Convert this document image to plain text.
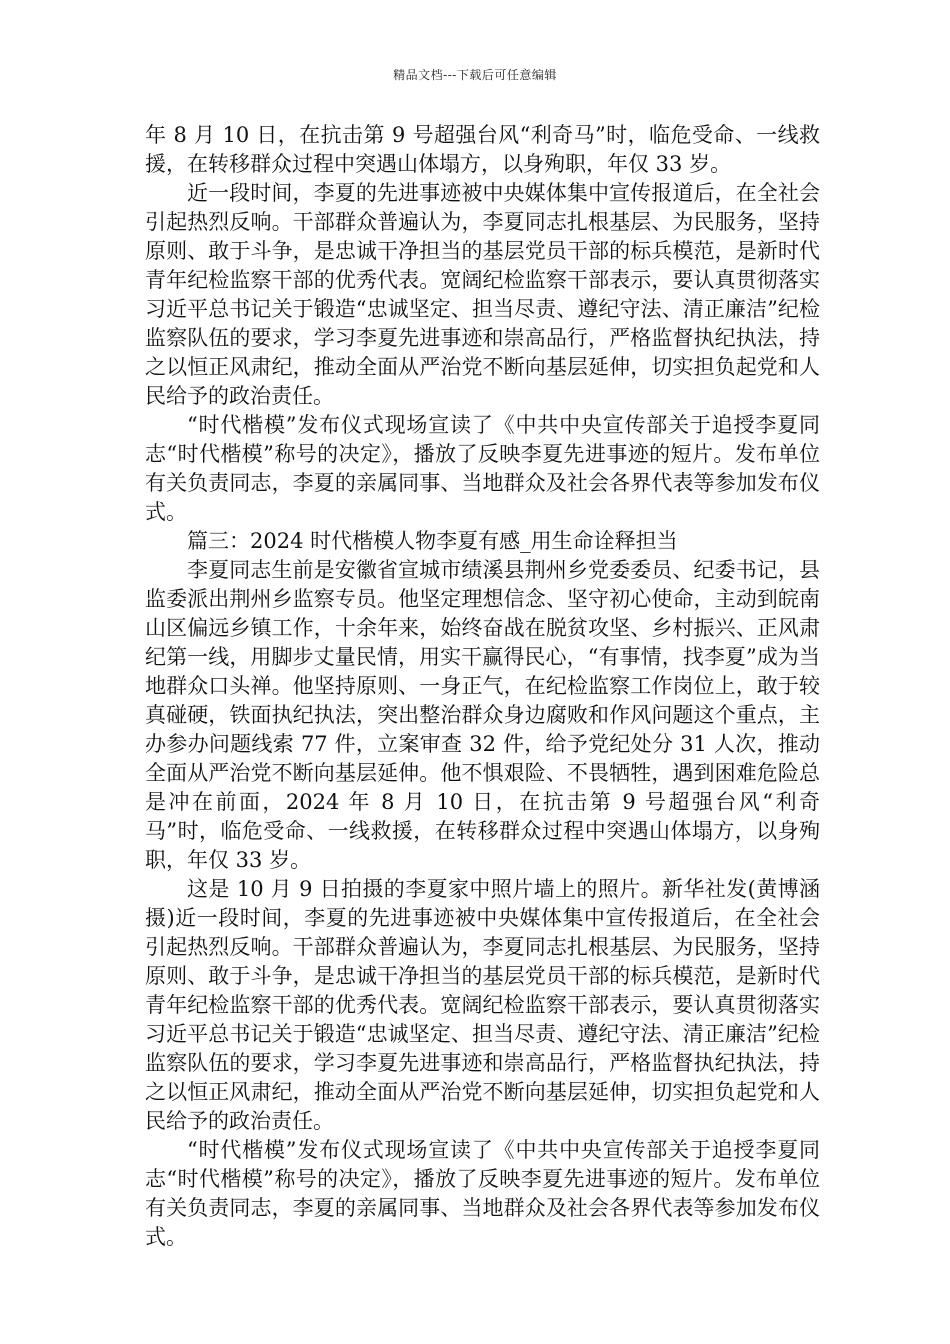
精品文档---下载后可任意编辑

年 8 月 10 日，在抗击第 9 号超强台风“利奇马”时，临危受命、一线救援，在转移群众过程中突遇山体塌方，以身殉职，年仅 33 岁。

近一段时间，李夏的先进事迹被中央媒体集中宣传报道后，在全社会引起热烈反响。干部群众普遍认为，李夏同志扎根基层、为民服务，坚持原则、敢于斗争，是忠诚干净担当的基层党员干部的标兵模范，是新时代青年纪检监察干部的优秀代表。宽阔纪检监察干部表示，要认真贯彻落实习近平总书记关于锻造“忠诚坚定、担当尽责、遵纪守法、清正廉洁”纪检监察队伍的要求，学习李夏先进事迹和崇高品行，严格监督执纪执法，持之以恒正风肃纪，推动全面从严治党不断向基层延伸，切实担负起党和人民给予的政治责任。

“时代楷模”发布仪式现场宣读了《中共中央宣传部关于追授李夏同志“时代楷模”称号的决定》，播放了反映李夏先进事迹的短片。发布单位有关负责同志，李夏的亲属同事、当地群众及社会各界代表等参加发布仪式。

篇三：2024 时代楷模人物李夏有感_用生命诠释担当

李夏同志生前是安徽省宣城市绩溪县荆州乡党委委员、纪委书记，县监委派出荆州乡监察专员。他坚定理想信念、坚守初心使命，主动到皖南山区偏远乡镇工作，十余年来，始终奋战在脱贫攻坚、乡村振兴、正风肃纪第一线，用脚步丈量民情，用实干赢得民心，“有事情，找李夏”成为当地群众口头禅。他坚持原则、一身正气，在纪检监察工作岗位上，敢于较真碰硬，铁面执纪执法，突出整治群众身边腐败和作风问题这个重点，主办参办问题线索 77 件，立案审查 32 件，给予党纪处分 31 人次，推动全面从严治党不断向基层延伸。他不惧艰险、不畏牺牲，遇到困难危险总是冲在前面，2024 年 8 月 10 日，在抗击第 9 号超强台风“利奇马”时，临危受命、一线救援，在转移群众过程中突遇山体塌方，以身殉职，年仅 33 岁。

这是 10 月 9 日拍摄的李夏家中照片墙上的照片。新华社发(黄博涵 摄)近一段时间，李夏的先进事迹被中央媒体集中宣传报道后，在全社会引起热烈反响。干部群众普遍认为，李夏同志扎根基层、为民服务，坚持原则、敢于斗争，是忠诚干净担当的基层党员干部的标兵模范，是新时代青年纪检监察干部的优秀代表。宽阔纪检监察干部表示，要认真贯彻落实习近平总书记关于锻造“忠诚坚定、担当尽责、遵纪守法、清正廉洁”纪检监察队伍的要求，学习李夏先进事迹和崇高品行，严格监督执纪执法，持之以恒正风肃纪，推动全面从严治党不断向基层延伸，切实担负起党和人民给予的政治责任。

“时代楷模”发布仪式现场宣读了《中共中央宣传部关于追授李夏同志“时代楷模”称号的决定》，播放了反映李夏先进事迹的短片。发布单位有关负责同志，李夏的亲属同事、当地群众及社会各界代表等参加发布仪式。
